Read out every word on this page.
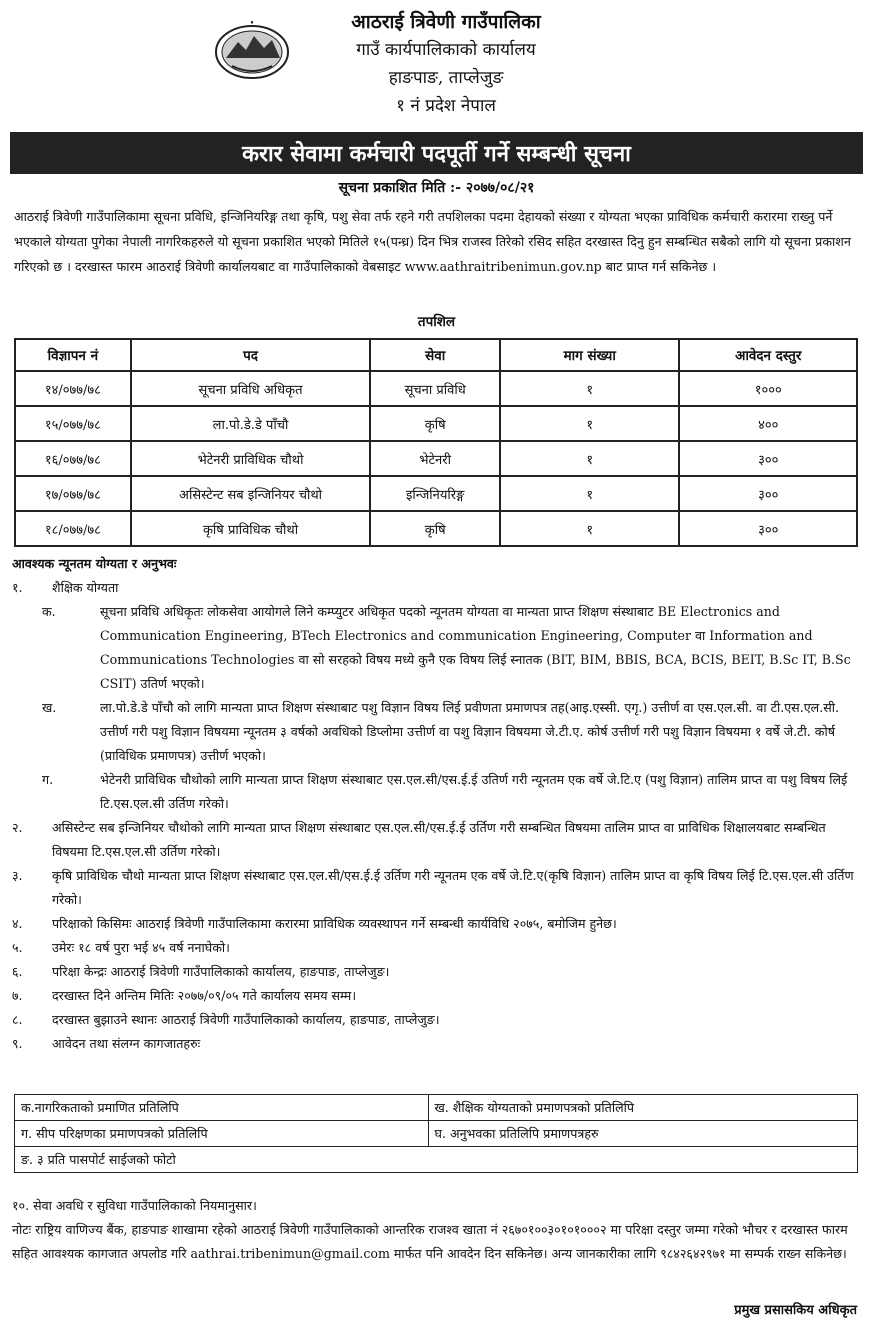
आठराई त्रिवेणी गाउँपालिका
गाउँ कार्यपालिकाको कार्यालय
हाङपाङ, ताप्लेजुङ
१ नं प्रदेश नेपाल
करार सेवामा कर्मचारी पदपूर्ती गर्ने सम्बन्धी सूचना
सूचना प्रकाशित मिति :- २०७७/०८/२१
आठराई त्रिवेणी गाउँपालिकामा सूचना प्रविधि, इन्जिनियरिङ्ग तथा कृषि, पशु सेवा तर्फ रहने गरी तपशिलका पदमा देहायको संख्या र योग्यता भएका प्राविधिक कर्मचारी करारमा राख्नु पर्ने भएकाले योग्यता पुगेका नेपाली नागरिकहरुले यो सूचना प्रकाशित भएको मितिले १५(पन्ध्र) दिन भित्र राजस्व तिरेको रसिद सहित दरखास्त दिनु हुन सम्बन्धित सबैको लागि यो सूचना प्रकाशन गरिएको छ । दरखास्त फारम आठराई त्रिवेणी कार्यालयबाट वा गाउँपालिकाको वेबसाइट www.aathraitribenimun.gov.np बाट प्राप्त गर्न सकिनेछ ।
तपशिल
विज्ञापन नं	पद	सेवा	माग संख्या	आवेदन दस्तुर
१४/०७७/७८	सूचना प्रविधि अधिकृत	सूचना प्रविधि	१	१०००
१५/०७७/७८	ला.पो.डे.डे पाँचौ	कृषि	१	४००
१६/०७७/७८	भेटेनरी प्राविधिक चौथो	भेटेनरी	१	३००
१७/०७७/७८	असिस्टेन्ट सब इन्जिनियर चौथो	इन्जिनियरिङ्ग	१	३००
१८/०७७/७८	कृषि प्राविधिक चौथो	कृषि	१	३००
आवश्यक न्यूनतम योग्यता र अनुभवः
१.	शैक्षिक योग्यता
क.	सूचना प्रविधि अधिकृतः लोकसेवा आयोगले लिने कम्प्युटर अधिकृत पदको न्यूनतम योग्यता वा मान्यता प्राप्त शिक्षण संस्थाबाट BE Electronics and Communication Engineering, BTech Electronics and communication Engineering, Computer वा Information and Communications Technologies वा सो सरहको विषय मध्ये कुनै एक विषय लिई स्नातक (BIT, BIM, BBIS, BCA, BCIS, BEIT, B.Sc IT, B.Sc CSIT) उतिर्ण भएको।
ख.	ला.पो.डे.डे पाँचौ को लागि मान्यता प्राप्त शिक्षण संस्थाबाट पशु विज्ञान विषय लिई प्रवीणता प्रमाणपत्र तह(आइ.एस्सी. एगृ.) उत्तीर्ण वा एस.एल.सी. वा टी.एस.एल.सी. उत्तीर्ण गरी पशु विज्ञान विषयमा न्यूनतम ३ वर्षको अवधिको डिप्लोमा उत्तीर्ण वा पशु विज्ञान विषयमा जे.टी.ए. कोर्ष उत्तीर्ण गरी पशु विज्ञान विषयमा १ वर्षे जे.टी. कोर्ष (प्राविधिक प्रमाणपत्र) उत्तीर्ण भएको।
ग.	भेटेनरी प्राविधिक चौथोको लागि मान्यता प्राप्त शिक्षण संस्थाबाट एस.एल.सी/एस.ई.ई उतिर्ण गरी न्यूनतम एक वर्षे जे.टि.ए (पशु विज्ञान) तालिम प्राप्त वा पशु विषय लिई टि.एस.एल.सी उर्तिण गरेको।
२.	असिस्टेन्ट सब इन्जिनियर चौथोको लागि मान्यता प्राप्त शिक्षण संस्थाबाट एस.एल.सी/एस.ई.ई उर्तिण गरी सम्बन्धित विषयमा तालिम प्राप्त वा प्राविधिक शिक्षालयबाट सम्बन्धित विषयमा टि.एस.एल.सी उर्तिण गरेको।
३.	कृषि प्राविधिक चौथो मान्यता प्राप्त शिक्षण संस्थाबाट एस.एल.सी/एस.ई.ई उर्तिण गरी न्यूनतम एक वर्षे जे.टि.ए(कृषि विज्ञान) तालिम प्राप्त वा कृषि विषय लिई टि.एस.एल.सी उर्तिण गरेको।
४.	परिक्षाको किसिमः आठराई त्रिवेणी गाउँपालिकामा करारमा प्राविधिक व्यवस्थापन गर्ने सम्बन्धी कार्यविधि २०७५, बमोजिम हुनेछ।
५.	उमेरः १८ वर्ष पुरा भई ४५ वर्ष ननाघेको।
६.	परिक्षा केन्द्रः आठराई त्रिवेणी गाउँपालिकाको कार्यालय, हाङपाङ, ताप्लेजुङ।
७.	दरखास्त दिने अन्तिम मितिः २०७७/०९/०५ गते कार्यालय समय सम्म।
८.	दरखास्त बुझाउने स्थानः आठराई त्रिवेणी गाउँपालिकाको कार्यालय, हाङपाङ, ताप्लेजुङ।
९.	आवेदन तथा संलग्न कागजातहरुः
क.नागरिकताको प्रमाणित प्रतिलिपि	ख. शैक्षिक योग्यताको प्रमाणपत्रको प्रतिलिपि
ग. सीप परिक्षणका प्रमाणपत्रको प्रतिलिपि	घ. अनुभवका प्रतिलिपि प्रमाणपत्रहरु
ङ. ३ प्रति पासपोर्ट साईजको फोटो	
१०. सेवा अवधि र सुविधा गाउँपालिकाको नियमानुसार।
नोटः राष्ट्रिय वाणिज्य बैंक, हाङपाङ शाखामा रहेको आठराई त्रिवेणी गाउँपालिकाको आन्तरिक राजश्व खाता नं २६७०१००३०१०१०००२ मा परिक्षा दस्तुर जम्मा गरेको भौचर र दरखास्त फारम सहित आवश्यक कागजात अपलोड गरि aathrai.tribenimun@gmail.com मार्फत पनि आवदेन दिन सकिनेछ। अन्य जानकारीका लागि ९८४२६४२९७१ मा सम्पर्क राख्न सकिनेछ।
प्रमुख प्रसासकिय अधिकृत
